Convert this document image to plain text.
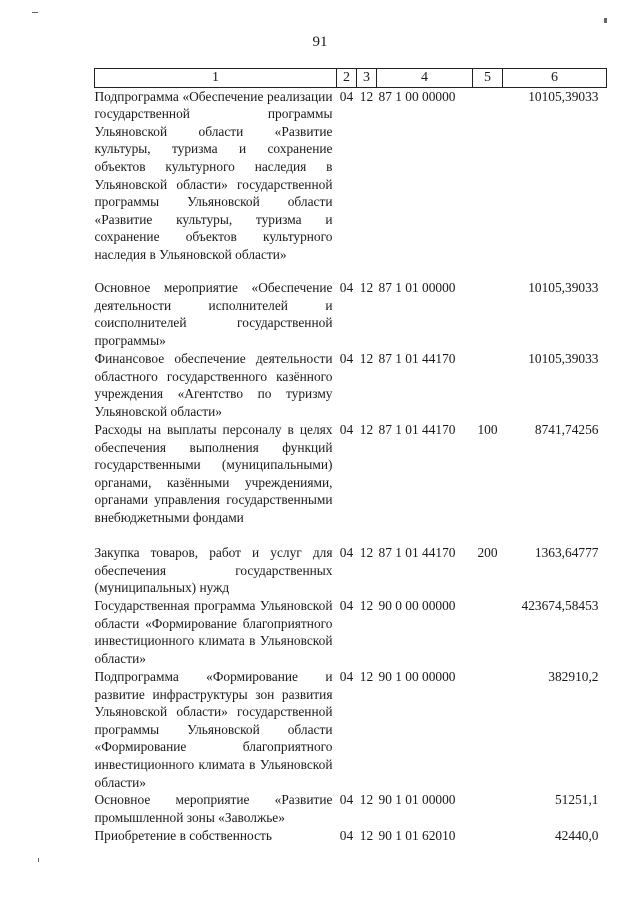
91
1	2	3	4	5	6
Подпрограмма «Обеспечение реализации государственной программы Ульяновской области «Развитие культуры, туризма и сохранение объектов культурного наследия в Ульяновской области» государственной программы Ульяновской области «Развитие культуры, туризма и сохранение объектов культурного наследия в Ульяновской области»	04	12	87 1 00 00000		10105,39033
Основное мероприятие «Обеспечение деятельности исполнителей и соисполнителей государственной программы»	04	12	87 1 01 00000		10105,39033
Финансовое обеспечение деятельности областного государственного казённого учреждения «Агентство по туризму Ульяновской области»	04	12	87 1 01 44170		10105,39033
Расходы на выплаты персоналу в целях обеспечения выполнения функций государственными (муниципальными) органами, казёнными учреждениями, органами управления государственными внебюджетными фондами	04	12	87 1 01 44170	100	8741,74256
Закупка товаров, работ и услуг для обеспечения государственных (муниципальных) нужд	04	12	87 1 01 44170	200	1363,64777
Государственная программа Ульяновской области «Формирование благоприятного инвестиционного климата в Ульяновской области»	04	12	90 0 00 00000		423674,58453
Подпрограмма «Формирование и развитие инфраструктуры зон развития Ульяновской области» государственной программы Ульяновской области «Формирование благоприятного инвестиционного климата в Ульяновской области»	04	12	90 1 00 00000		382910,2
Основное мероприятие «Развитие промышленной зоны «Заволжье»	04	12	90 1 01 00000		51251,1
Приобретение в собственность	04	12	90 1 01 62010		42440,0
